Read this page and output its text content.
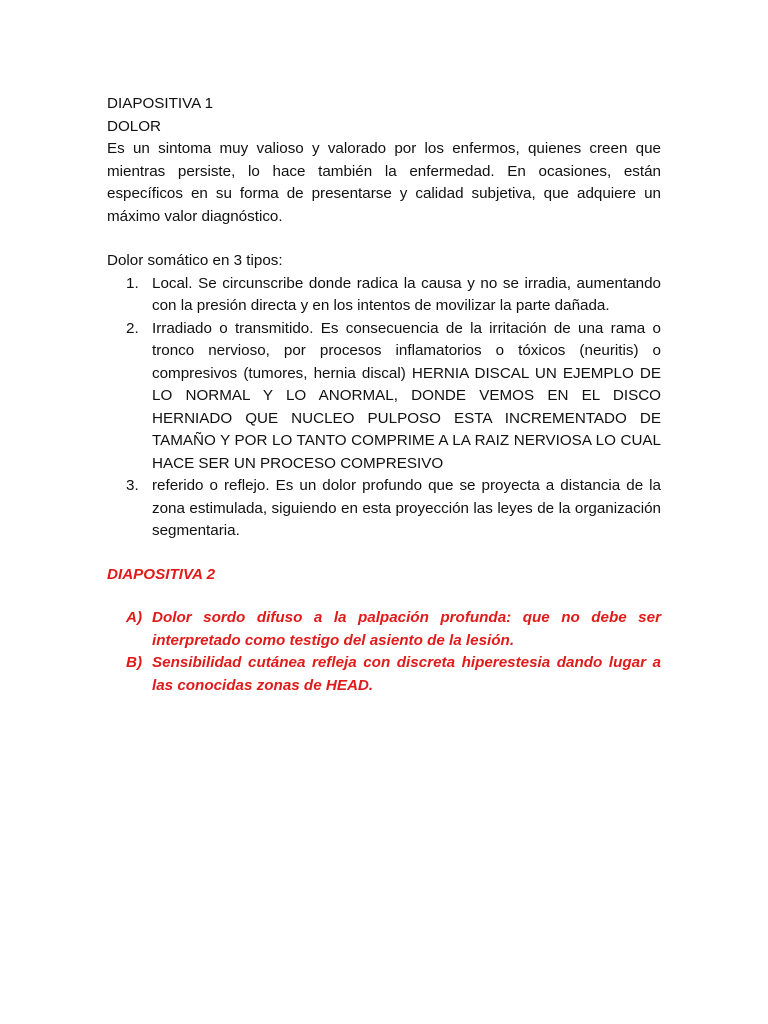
DIAPOSITIVA 1

DOLOR

Es un sintoma muy valioso y valorado por los enfermos, quienes creen que mientras persiste, lo hace también la enfermedad. En ocasiones, están específicos en su forma de presentarse y calidad subjetiva, que adquiere un máximo valor diagnóstico.

Dolor somático en 3 tipos:

1. Local. Se circunscribe donde radica la causa y no se irradia, aumentando con la presión directa y en los intentos de movilizar la parte dañada.
2. Irradiado o transmitido. Es consecuencia de la irritación de una rama o tronco nervioso, por procesos inflamatorios o tóxicos (neuritis) o compresivos (tumores, hernia discal) HERNIA DISCAL UN EJEMPLO DE LO NORMAL Y LO ANORMAL, DONDE VEMOS EN EL DISCO HERNIADO QUE NUCLEO PULPOSO ESTA INCREMENTADO DE TAMAÑO Y POR LO TANTO COMPRIME A LA RAIZ NERVIOSA LO CUAL HACE SER UN PROCESO COMPRESIVO
3. referido o reflejo. Es un dolor profundo que se proyecta a distancia de la zona estimulada, siguiendo en esta proyección las leyes de la organización segmentaria.

DIAPOSITIVA 2

A) Dolor sordo difuso a la palpación profunda: que no debe ser interpretado como testigo del asiento de la lesión.
B) Sensibilidad cutánea refleja con discreta hiperestesia dando lugar a las conocidas zonas de HEAD.
